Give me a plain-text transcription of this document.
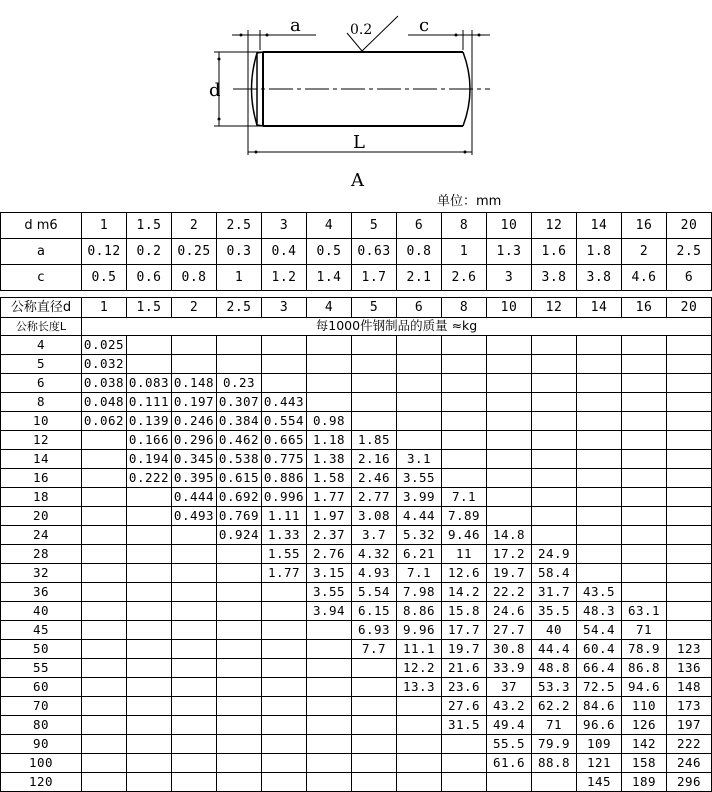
a	c
d
L
A
0.2
单位：mm
d m6	1	1.5	2	2.5	3	4	5	6	8	10	12	14	16	20
a	0.12	0.2	0.25	0.3	0.4	0.5	0.63	0.8	1	1.3	1.6	1.8	2	2.5
c	0.5	0.6	0.8	1	1.2	1.4	1.7	2.1	2.6	3	3.8	3.8	4.6	6
公称直径d	1	1.5	2	2.5	3	4	5	6	8	10	12	14	16	20
公称长度L	每1000件钢制品的质量 ≈kg													
4	0.025													
5	0.032													
6	0.038	0.083	0.148	0.23										
8	0.048	0.111	0.197	0.307	0.443									
10	0.062	0.139	0.246	0.384	0.554	0.98								
12		0.166	0.296	0.462	0.665	1.18	1.85							
14		0.194	0.345	0.538	0.775	1.38	2.16	3.1						
16		0.222	0.395	0.615	0.886	1.58	2.46	3.55						
18			0.444	0.692	0.996	1.77	2.77	3.99	7.1					
20			0.493	0.769	1.11	1.97	3.08	4.44	7.89					
24				0.924	1.33	2.37	3.7	5.32	9.46	14.8				
28					1.55	2.76	4.32	6.21	11	17.2	24.9			
32					1.77	3.15	4.93	7.1	12.6	19.7	58.4			
36						3.55	5.54	7.98	14.2	22.2	31.7	43.5		
40						3.94	6.15	8.86	15.8	24.6	35.5	48.3	63.1	
45							6.93	9.96	17.7	27.7	40	54.4	71	
50							7.7	11.1	19.7	30.8	44.4	60.4	78.9	123
55								12.2	21.6	33.9	48.8	66.4	86.8	136
60								13.3	23.6	37	53.3	72.5	94.6	148
70									27.6	43.2	62.2	84.6	110	173
80									31.5	49.4	71	96.6	126	197
90										55.5	79.9	109	142	222
100										61.6	88.8	121	158	246
120												145	189	296
